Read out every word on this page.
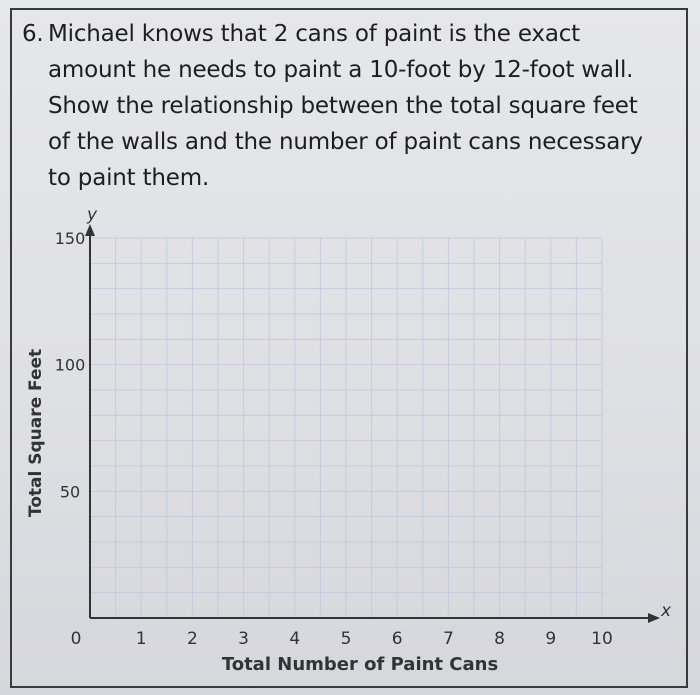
6. Michael knows that 2 cans of paint is the exact
amount he needs to paint a 10-foot by 12-foot wall.
Show the relationship between the total square feet
of the walls and the number of paint cans necessary
to paint them.
0	1 2 3 4 5 6 7 8 9 10
50
100
150
Total Number of Paint Cans
Total Square Feet
x
y
